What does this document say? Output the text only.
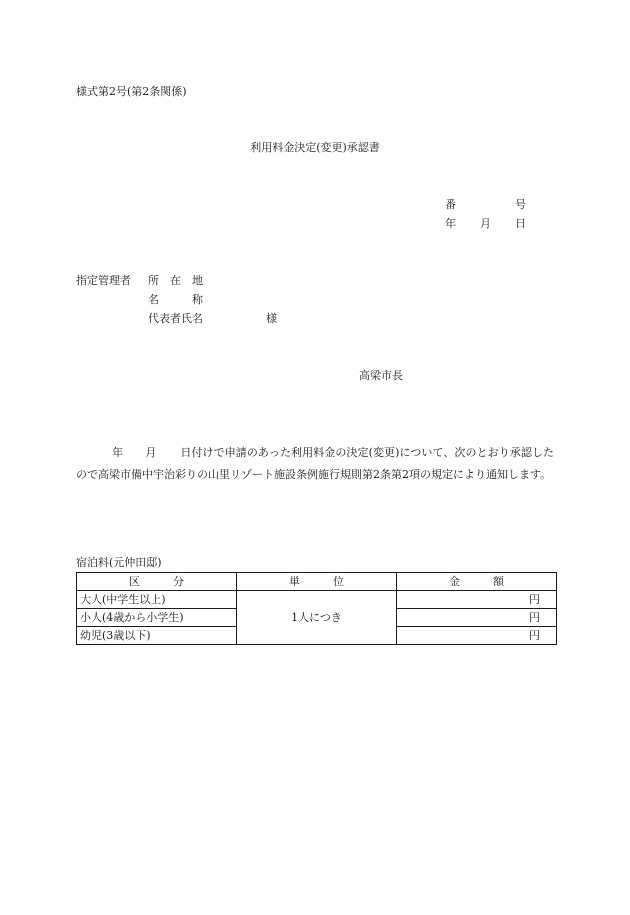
様式第2号(第2条関係)
利用料金決定(変更)承認書
番	号
年 月 日
指定管理者 所　在　地
名　　　称
代表者氏名	様
高梁市長
年 月 日付けで申請のあった利用料金の決定(変更)について、次のとおり承認したので高梁市備中宇治彩りの山里リゾート施設条例施行規則第2条第2項の規定により通知します。
宿泊料(元仲田邸)
区　　　分	単　　　位	金　　　額
大人(中学生以上)	1人につき	円
小人(4歳から小学生)		円
幼児(3歳以下)		円
